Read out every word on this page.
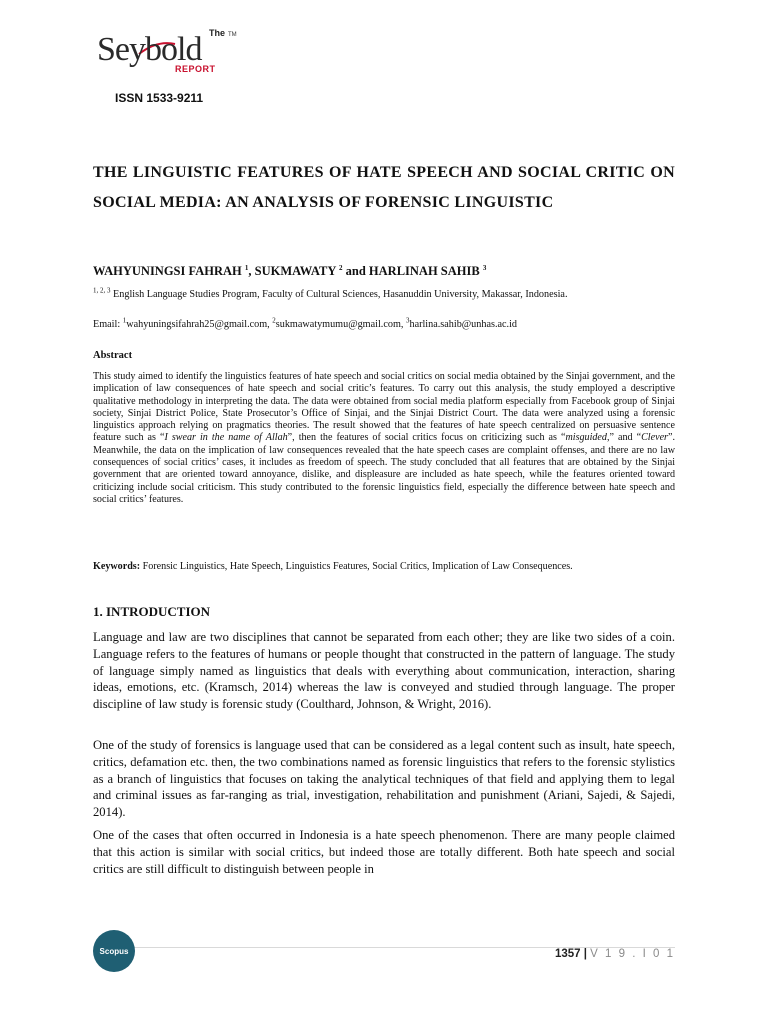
The
Seybold	TM
REPORT
ISSN 1533-9211
THE LINGUISTIC FEATURES OF HATE SPEECH AND SOCIAL CRITIC ON SOCIAL MEDIA: AN ANALYSIS OF FORENSIC LINGUISTIC
WAHYUNINGSI FAHRAH $^1$, SUKMAWATY $^2$ and HARLINAH SAHIB $^3$
$^{1, 2, 3}$ English Language Studies Program, Faculty of Cultural Sciences, Hasanuddin University, Makassar, Indonesia.
Email: $^1$wahyuningsifahrah25@gmail.com, $^2$sukmawatymumu@gmail.com, $^3$harlina.sahib@unhas.ac.id
Abstract
This study aimed to identify the linguistics features of hate speech and social critics on social media obtained by the Sinjai government, and the implication of law consequences of hate speech and social critic’s features. To carry out this analysis, the study employed a descriptive qualitative methodology in interpreting the data. The data were obtained from social media platform especially from Facebook group of Sinjai society, Sinjai District Police, State Prosecutor’s Office of Sinjai, and the Sinjai District Court. The data were analyzed using a forensic linguistics approach relying on pragmatics theories. The result showed that the features of hate speech centralized on persuasive sentence feature such as “I swear in the name of Allah”, then the features of social critics focus on criticizing such as “misguided,” and “Clever”. Meanwhile, the data on the implication of law consequences revealed that the hate speech cases are complaint offenses, and there are no law consequences of social critics’ cases, it includes as freedom of speech. The study concluded that all features that are obtained by the Sinjai government that are oriented toward annoyance, dislike, and displeasure are included as hate speech, while the features oriented toward criticizing include social criticism. This study contributed to the forensic linguistics field, especially the difference between hate speech and social critics’ features.
Keywords: Forensic Linguistics, Hate Speech, Linguistics Features, Social Critics, Implication of Law Consequences.
1. INTRODUCTION
Language and law are two disciplines that cannot be separated from each other; they are like two sides of a coin. Language refers to the features of humans or people thought that constructed in the pattern of language. The study of language simply named as linguistics that deals with everything about communication, interaction, sharing ideas, emotions, etc. (Kramsch, 2014) whereas the law is conveyed and studied through language. The proper discipline of law study is forensic study (Coulthard, Johnson, & Wright, 2016).
One of the study of forensics is language used that can be considered as a legal content such as insult, hate speech, critics, defamation etc. then, the two combinations named as forensic linguistics that refers to the forensic stylistics as a branch of linguistics that focuses on taking the analytical techniques of that field and applying them to legal and criminal issues as far-ranging as trial, investigation, rehabilitation and punishment (Ariani, Sajedi, & Sajedi, 2014).
One of the cases that often occurred in Indonesia is a hate speech phenomenon. There are many people claimed that this action is similar with social critics, but indeed those are totally different. Both hate speech and social critics are still difficult to distinguish between people in
Scopus	1357 | V 1 9 . I 0 1
